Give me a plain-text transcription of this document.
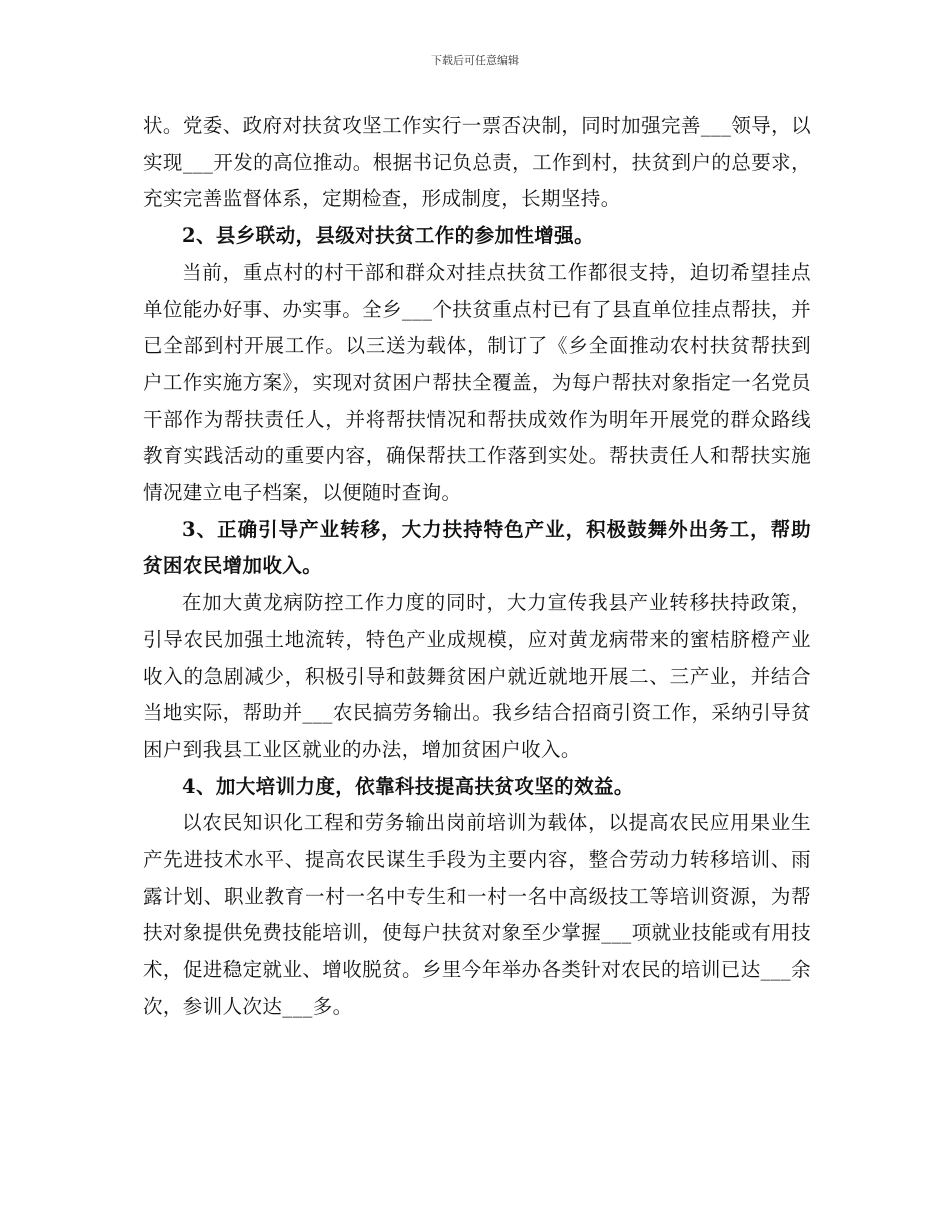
下载后可任意编辑

状。党委、政府对扶贫攻坚工作实行一票否决制，同时加强完善___领导，以实现___开发的高位推动。根据书记负总责，工作到村，扶贫到户的总要求，充实完善监督体系，定期检查，形成制度，长期坚持。

2、县乡联动，县级对扶贫工作的参加性增强。

当前，重点村的村干部和群众对挂点扶贫工作都很支持，迫切希望挂点单位能办好事、办实事。全乡___个扶贫重点村已有了县直单位挂点帮扶，并已全部到村开展工作。以三送为载体，制订了《乡全面推动农村扶贫帮扶到户工作实施方案》，实现对贫困户帮扶全覆盖，为每户帮扶对象指定一名党员干部作为帮扶责任人，并将帮扶情况和帮扶成效作为明年开展党的群众路线教育实践活动的重要内容，确保帮扶工作落到实处。帮扶责任人和帮扶实施情况建立电子档案，以便随时查询。

3、正确引导产业转移，大力扶持特色产业，积极鼓舞外出务工，帮助贫困农民增加收入。

在加大黄龙病防控工作力度的同时，大力宣传我县产业转移扶持政策，引导农民加强土地流转，特色产业成规模，应对黄龙病带来的蜜桔脐橙产业收入的急剧减少，积极引导和鼓舞贫困户就近就地开展二、三产业，并结合当地实际，帮助并___农民搞劳务输出。我乡结合招商引资工作，采纳引导贫困户到我县工业区就业的办法，增加贫困户收入。

4、加大培训力度，依靠科技提高扶贫攻坚的效益。

以农民知识化工程和劳务输出岗前培训为载体，以提高农民应用果业生产先进技术水平、提高农民谋生手段为主要内容，整合劳动力转移培训、雨露计划、职业教育一村一名中专生和一村一名中高级技工等培训资源，为帮扶对象提供免费技能培训，使每户扶贫对象至少掌握___项就业技能或有用技术，促进稳定就业、增收脱贫。乡里今年举办各类针对农民的培训已达___余次，参训人次达___多。
